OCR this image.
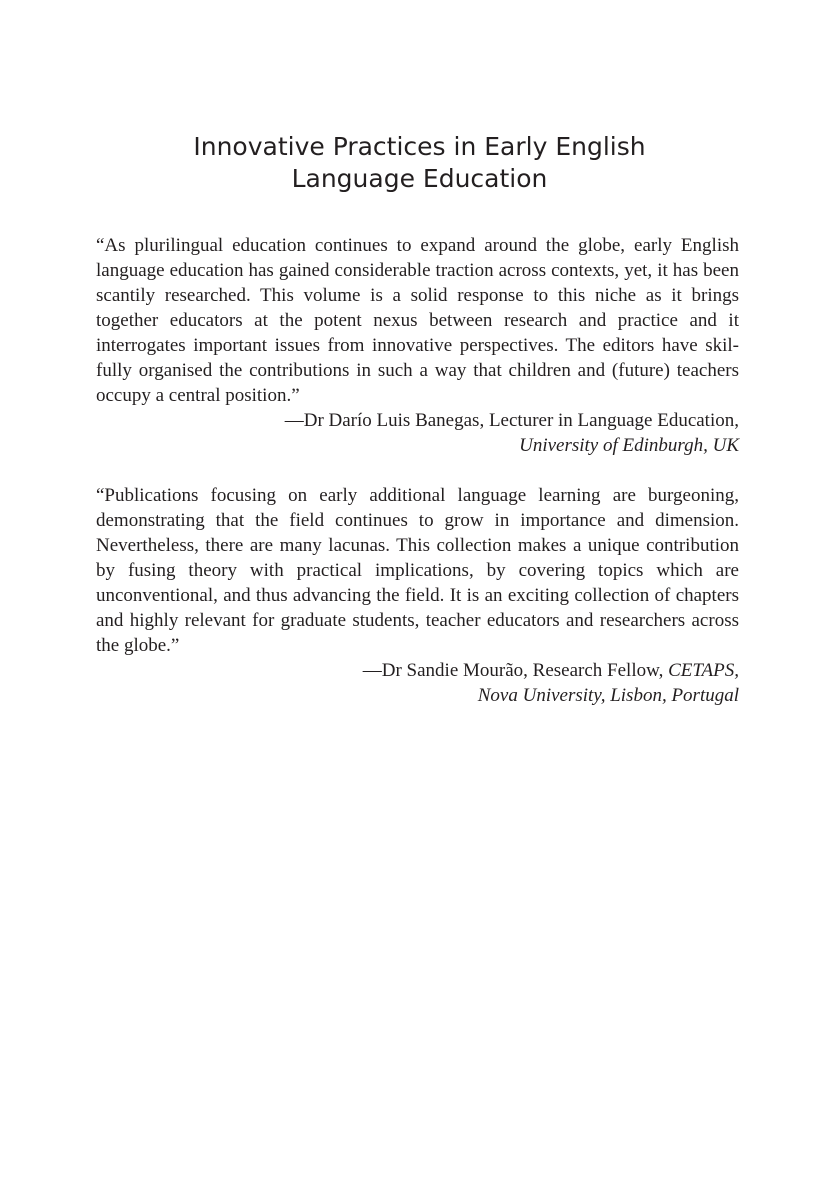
Innovative Practices in Early English
Language Education

“As plurilingual education continues to expand around the globe, early English language education has gained considerable traction across contexts, yet, it has been scantily researched. This volume is a solid response to this niche as it brings together educators at the potent nexus between research and practice and it interrogates important issues from innovative perspectives. The editors have skilfully organised the contributions in such a way that children and (future) teachers occupy a central position.”

—Dr Darío Luis Banegas, Lecturer in Language Education,

University of Edinburgh, UK

“Publications focusing on early additional language learning are burgeoning, demonstrating that the field continues to grow in importance and dimension. Nevertheless, there are many lacunas. This collection makes a unique contribution by fusing theory with practical implications, by covering topics which are unconventional, and thus advancing the field. It is an exciting collection of chapters and highly relevant for graduate students, teacher educators and researchers across the globe.”

—Dr Sandie Mourão, Research Fellow, CETAPS,

Nova University, Lisbon, Portugal
